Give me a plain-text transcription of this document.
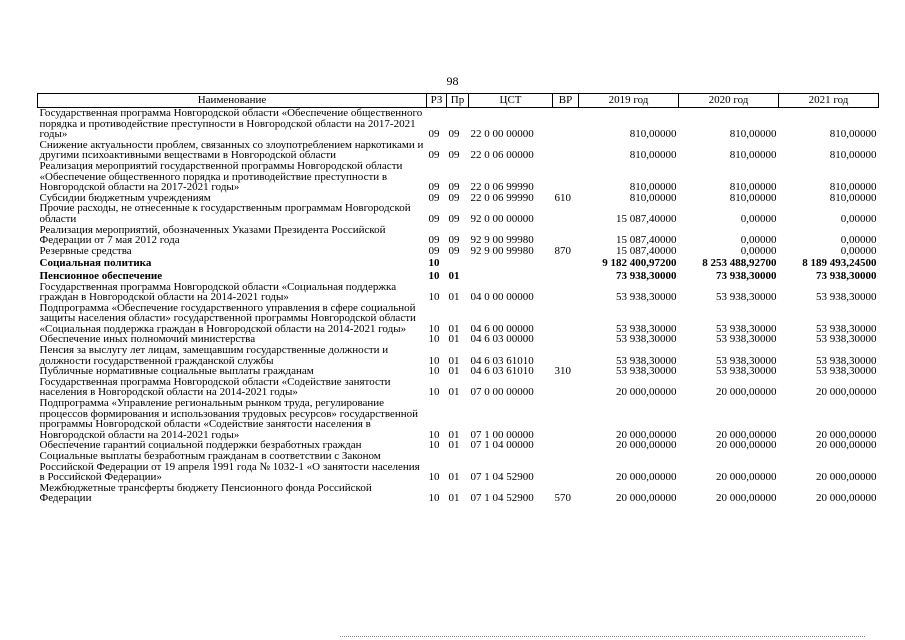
98
Наименование	РЗ	Пр	ЦСТ	ВР	2019 год	2020 год	2021 год
Государственная программа Новгородской области «Обеспечение общественного порядка и противодействие преступности в Новгородской области на 2017-2021 годы»	09	09	22 0 00 00000		810,00000	810,00000	810,00000
Снижение актуальности проблем, связанных со злоупотреблением наркотиками и другими психоактивными веществами в Новгородской области	09	09	22 0 06 00000		810,00000	810,00000	810,00000
Реализация мероприятий государственной программы Новгородской области «Обеспечение общественного порядка и противодействие преступности в Новгородской области на 2017-2021 годы»	09	09	22 0 06 99990		810,00000	810,00000	810,00000
Субсидии бюджетным учреждениям	09	09	22 0 06 99990	610	810,00000	810,00000	810,00000
Прочие расходы, не отнесенные к государственным программам Новгородской области	09	09	92 0 00 00000		15 087,40000	0,00000	0,00000
Реализация мероприятий, обозначенных Указами Президента Российской Федерации от 7 мая 2012 года	09	09	92 9 00 99980		15 087,40000	0,00000	0,00000
Резервные средства	09	09	92 9 00 99980	870	15 087,40000	0,00000	0,00000
Социальная политика	10				9 182 400,97200	8 253 488,92700	8 189 493,24500
Пенсионное обеспечение	10	01			73 938,30000	73 938,30000	73 938,30000
Государственная программа Новгородской области «Социальная поддержка граждан в Новгородской области на 2014-2021 годы»	10	01	04 0 00 00000		53 938,30000	53 938,30000	53 938,30000
Подпрограмма «Обеспечение государственного управления в сфере социальной защиты населения области» государственной программы Новгородской области «Социальная поддержка граждан в Новгородской области на 2014-2021 годы»	10	01	04 6 00 00000		53 938,30000	53 938,30000	53 938,30000
Обеспечение иных полномочий министерства	10	01	04 6 03 00000		53 938,30000	53 938,30000	53 938,30000
Пенсия за выслугу лет лицам, замещавшим государственные должности и должности государственной гражданской службы	10	01	04 6 03 61010		53 938,30000	53 938,30000	53 938,30000
Публичные нормативные социальные выплаты гражданам	10	01	04 6 03 61010	310	53 938,30000	53 938,30000	53 938,30000
Государственная программа Новгородской области «Содействие занятости населения в Новгородской области на 2014-2021 годы»	10	01	07 0 00 00000		20 000,00000	20 000,00000	20 000,00000
Подпрограмма «Управление региональным рынком труда, регулирование процессов формирования и использования трудовых ресурсов» государственной программы Новгородской области «Содействие занятости населения в Новгородской области на 2014-2021 годы»	10	01	07 1 00 00000		20 000,00000	20 000,00000	20 000,00000
Обеспечение гарантий социальной поддержки безработных граждан	10	01	07 1 04 00000		20 000,00000	20 000,00000	20 000,00000
Социальные выплаты безработным гражданам в соответствии с Законом Российской Федерации от 19 апреля 1991 года № 1032-1 «О занятости населения в Российской Федерации»	10	01	07 1 04 52900		20 000,00000	20 000,00000	20 000,00000
Межбюджетные трансферты бюджету Пенсионного фонда Российской Федерации	10	01	07 1 04 52900	570	20 000,00000	20 000,00000	20 000,00000
